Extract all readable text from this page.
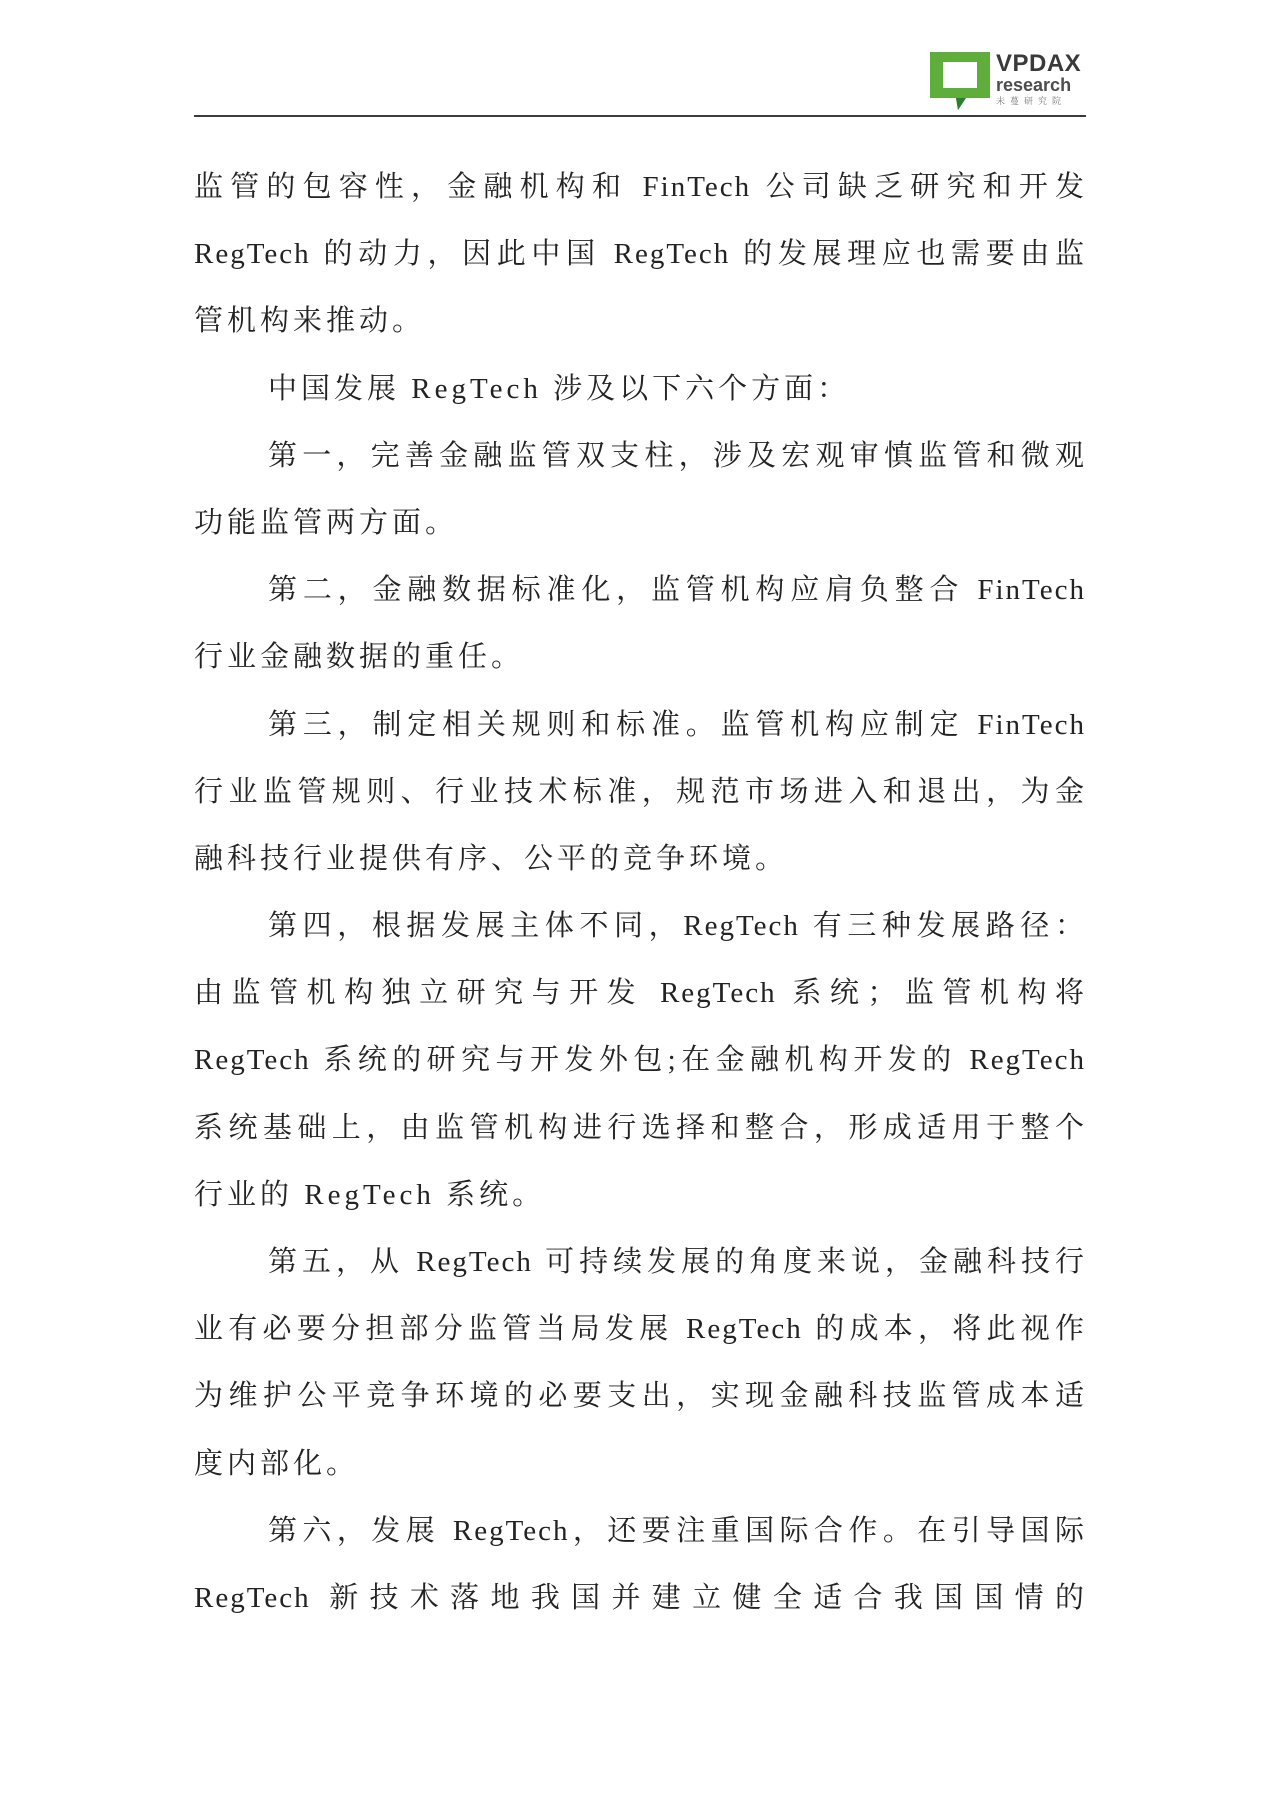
VPDAX
research
未蔓研究院
监管的包容性，金融机构和 FinTech 公司缺乏研究和开发
RegTech 的动力，因此中国 RegTech 的发展理应也需要由监
管机构来推动。
中国发展 RegTech 涉及以下六个方面：
第一，完善金融监管双支柱，涉及宏观审慎监管和微观
功能监管两方面。
第二，金融数据标准化，监管机构应肩负整合 FinTech
行业金融数据的重任。
第三，制定相关规则和标准。监管机构应制定 FinTech
行业监管规则、行业技术标准，规范市场进入和退出，为金
融科技行业提供有序、公平的竞争环境。
第四，根据发展主体不同，RegTech 有三种发展路径：
由监管机构独立研究与开发 RegTech 系统；监管机构将
RegTech 系统的研究与开发外包;在金融机构开发的 RegTech
系统基础上，由监管机构进行选择和整合，形成适用于整个
行业的 RegTech 系统。
第五，从 RegTech 可持续发展的角度来说，金融科技行
业有必要分担部分监管当局发展 RegTech 的成本，将此视作
为维护公平竞争环境的必要支出，实现金融科技监管成本适
度内部化。
第六，发展 RegTech，还要注重国际合作。在引导国际
RegTech 新技术落地我国并建立健全适合我国国情的
